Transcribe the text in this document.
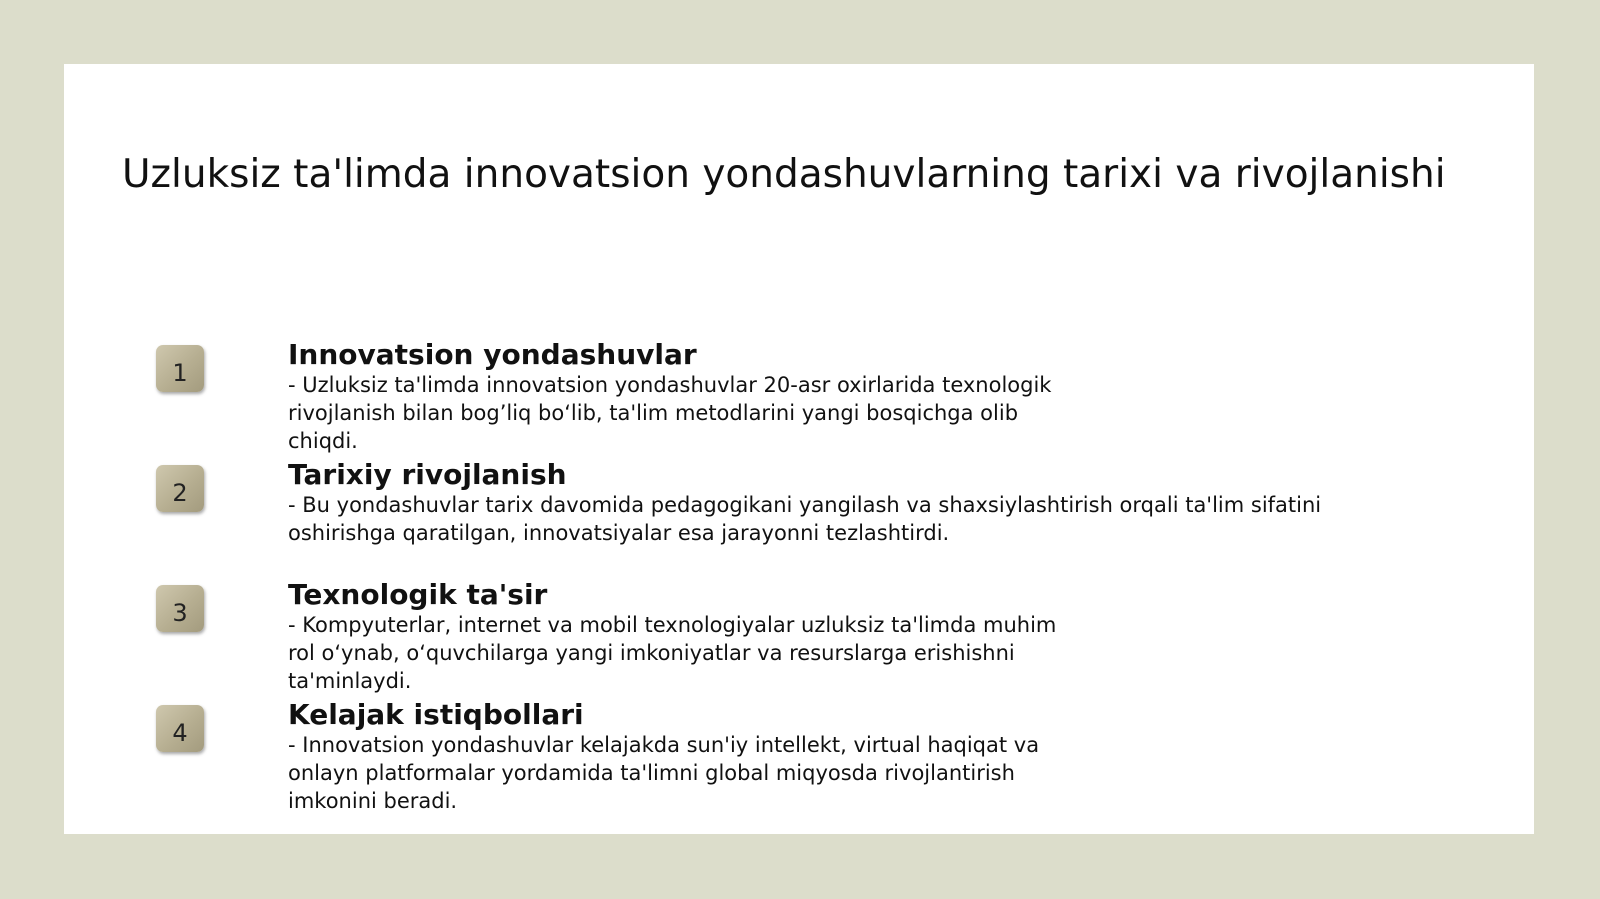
Uzluksiz ta'limda innovatsion yondashuvlarning tarixi va rivojlanishi
1
Innovatsion yondashuvlar
- Uzluksiz ta'limda innovatsion yondashuvlar 20-asr oxirlarida texnologik
rivojlanish bilan bog’liq bo‘lib, ta'lim metodlarini yangi bosqichga olib
chiqdi.
2
Tarixiy rivojlanish
- Bu yondashuvlar tarix davomida pedagogikani yangilash va shaxsiylashtirish orqali ta'lim sifatini
oshirishga qaratilgan, innovatsiyalar esa jarayonni tezlashtirdi.
3
Texnologik ta'sir
- Kompyuterlar, internet va mobil texnologiyalar uzluksiz ta'limda muhim
rol o‘ynab, o‘quvchilarga yangi imkoniyatlar va resurslarga erishishni
ta'minlaydi.
4
Kelajak istiqbollari
- Innovatsion yondashuvlar kelajakda sun'iy intellekt, virtual haqiqat va
onlayn platformalar yordamida ta'limni global miqyosda rivojlantirish
imkonini beradi.
